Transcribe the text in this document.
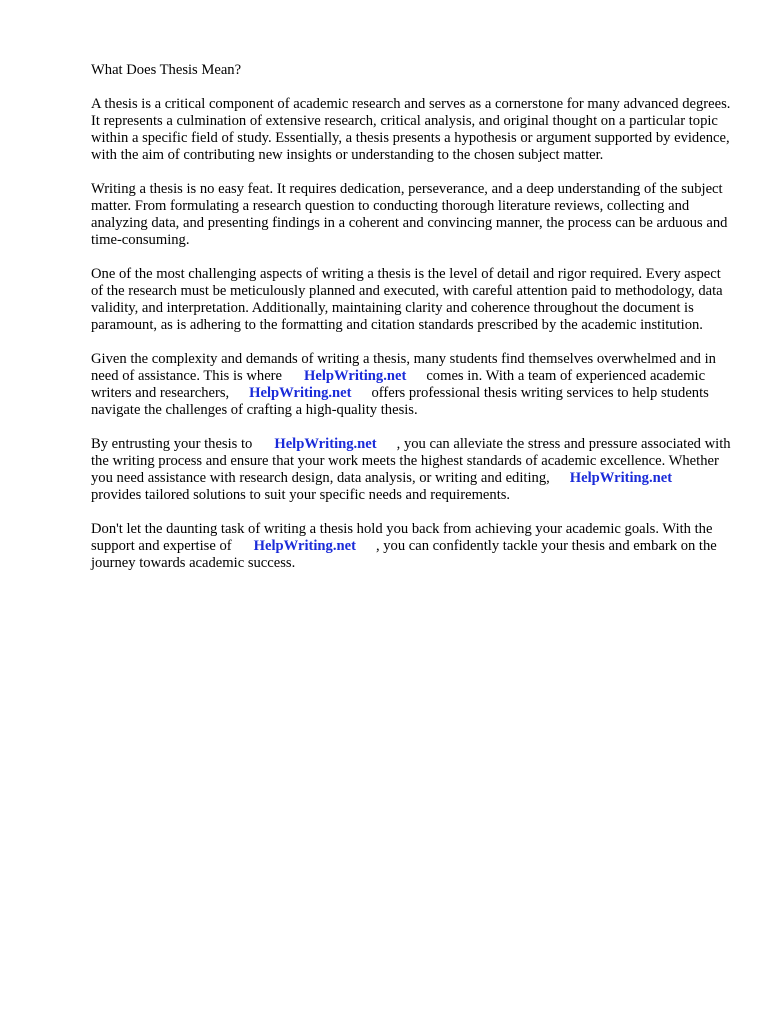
What Does Thesis Mean?

A thesis is a critical component of academic research and serves as a cornerstone for many advanced degrees. It represents a culmination of extensive research, critical analysis, and original thought on a particular topic within a specific field of study. Essentially, a thesis presents a hypothesis or argument supported by evidence, with the aim of contributing new insights or understanding to the chosen subject matter.

Writing a thesis is no easy feat. It requires dedication, perseverance, and a deep understanding of the subject matter. From formulating a research question to conducting thorough literature reviews, collecting and analyzing data, and presenting findings in a coherent and convincing manner, the process can be arduous and time-consuming.

One of the most challenging aspects of writing a thesis is the level of detail and rigor required. Every aspect of the research must be meticulously planned and executed, with careful attention paid to methodology, data validity, and interpretation. Additionally, maintaining clarity and coherence throughout the document is paramount, as is adhering to the formatting and citation standards prescribed by the academic institution.

Given the complexity and demands of writing a thesis, many students find themselves overwhelmed and in need of assistance. This is where HelpWriting.net comes in. With a team of experienced academic writers and researchers, HelpWriting.net offers professional thesis writing services to help students navigate the challenges of crafting a high-quality thesis.

By entrusting your thesis to HelpWriting.net , you can alleviate the stress and pressure associated with the writing process and ensure that your work meets the highest standards of academic excellence. Whether you need assistance with research design, data analysis, or writing and editing, HelpWriting.netprovides tailored solutions to suit your specific needs and requirements.

Don't let the daunting task of writing a thesis hold you back from achieving your academic goals. With the support and expertise of HelpWriting.net , you can confidently tackle your thesis and embark on the journey towards academic success.
